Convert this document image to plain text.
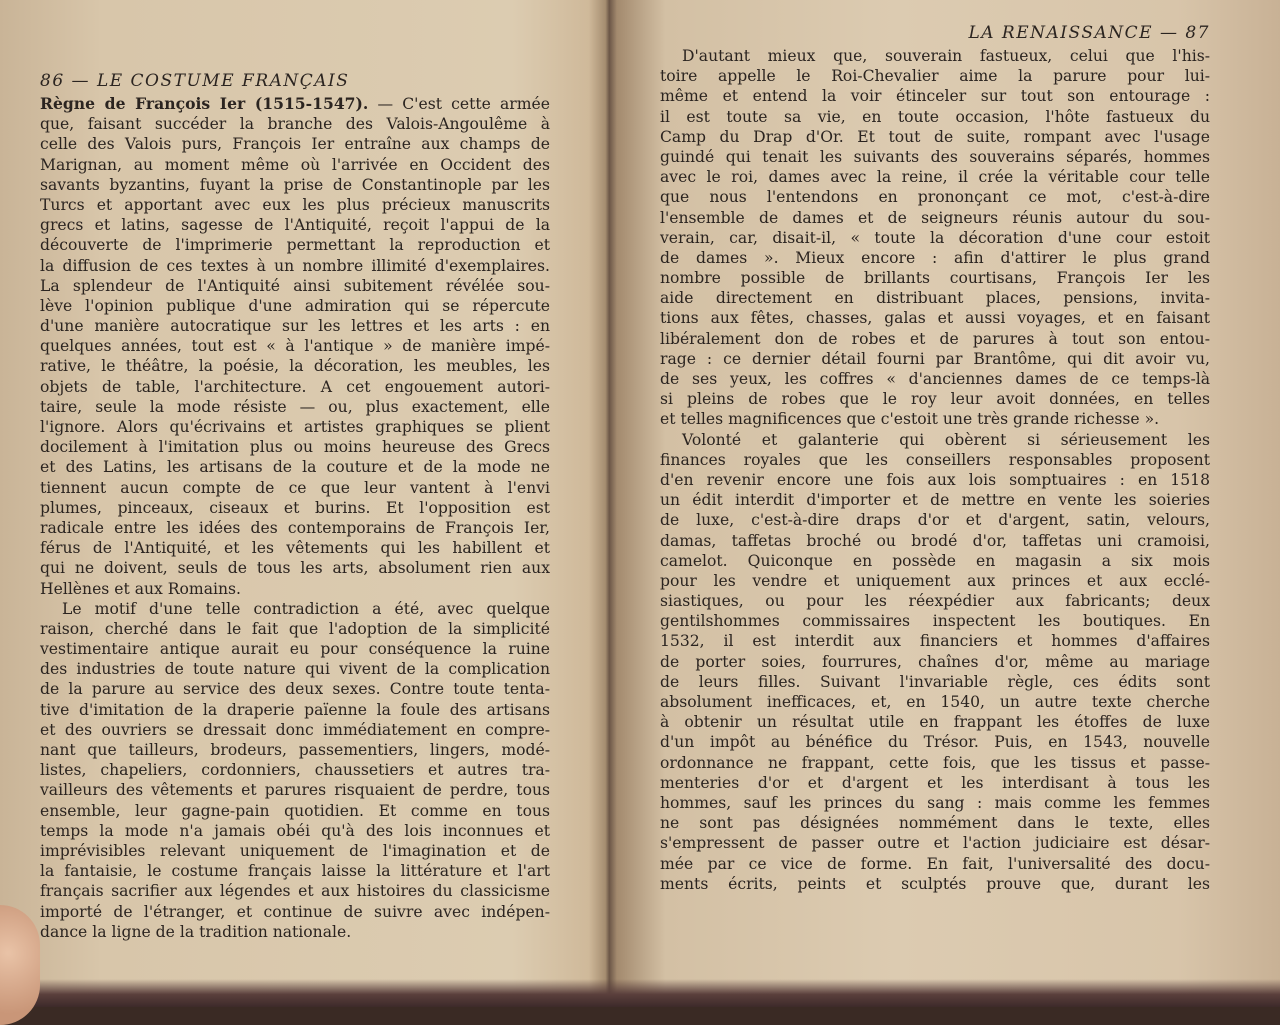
86 — LE COSTUME FRANÇAIS
Règne de François Ier (1515-1547). — C'est cette armée
que, faisant succéder la branche des Valois-Angoulême à
celle des Valois purs, François Ier entraîne aux champs de
Marignan, au moment même où l'arrivée en Occident des
savants byzantins, fuyant la prise de Constantinople par les
Turcs et apportant avec eux les plus précieux manuscrits
grecs et latins, sagesse de l'Antiquité, reçoit l'appui de la
découverte de l'imprimerie permettant la reproduction et
la diffusion de ces textes à un nombre illimité d'exemplaires.
La splendeur de l'Antiquité ainsi subitement révélée sou-
lève l'opinion publique d'une admiration qui se répercute
d'une manière autocratique sur les lettres et les arts : en
quelques années, tout est « à l'antique » de manière impé-
rative, le théâtre, la poésie, la décoration, les meubles, les
objets de table, l'architecture. A cet engouement autori-
taire, seule la mode résiste — ou, plus exactement, elle
l'ignore. Alors qu'écrivains et artistes graphiques se plient
docilement à l'imitation plus ou moins heureuse des Grecs
et des Latins, les artisans de la couture et de la mode ne
tiennent aucun compte de ce que leur vantent à l'envi
plumes, pinceaux, ciseaux et burins. Et l'opposition est
radicale entre les idées des contemporains de François Ier,
férus de l'Antiquité, et les vêtements qui les habillent et
qui ne doivent, seuls de tous les arts, absolument rien aux
Hellènes et aux Romains.
Le motif d'une telle contradiction a été, avec quelque
raison, cherché dans le fait que l'adoption de la simplicité
vestimentaire antique aurait eu pour conséquence la ruine
des industries de toute nature qui vivent de la complication
de la parure au service des deux sexes. Contre toute tenta-
tive d'imitation de la draperie païenne la foule des artisans
et des ouvriers se dressait donc immédiatement en compre-
nant que tailleurs, brodeurs, passementiers, lingers, modé-
listes, chapeliers, cordonniers, chaussetiers et autres tra-
vailleurs des vêtements et parures risquaient de perdre, tous
ensemble, leur gagne-pain quotidien. Et comme en tous
temps la mode n'a jamais obéi qu'à des lois inconnues et
imprévisibles relevant uniquement de l'imagination et de
la fantaisie, le costume français laisse la littérature et l'art
français sacrifier aux légendes et aux histoires du classicisme
importé de l'étranger, et continue de suivre avec indépen-
dance la ligne de la tradition nationale.
LA RENAISSANCE — 87
D'autant mieux que, souverain fastueux, celui que l'his-
toire appelle le Roi-Chevalier aime la parure pour lui-
même et entend la voir étinceler sur tout son entourage :
il est toute sa vie, en toute occasion, l'hôte fastueux du
Camp du Drap d'Or. Et tout de suite, rompant avec l'usage
guindé qui tenait les suivants des souverains séparés, hommes
avec le roi, dames avec la reine, il crée la véritable cour telle
que nous l'entendons en prononçant ce mot, c'est-à-dire
l'ensemble de dames et de seigneurs réunis autour du sou-
verain, car, disait-il, « toute la décoration d'une cour estoit
de dames ». Mieux encore : afin d'attirer le plus grand
nombre possible de brillants courtisans, François Ier les
aide directement en distribuant places, pensions, invita-
tions aux fêtes, chasses, galas et aussi voyages, et en faisant
libéralement don de robes et de parures à tout son entou-
rage : ce dernier détail fourni par Brantôme, qui dit avoir vu,
de ses yeux, les coffres « d'anciennes dames de ce temps-là
si pleins de robes que le roy leur avoit données, en telles
et telles magnificences que c'estoit une très grande richesse ».
Volonté et galanterie qui obèrent si sérieusement les
finances royales que les conseillers responsables proposent
d'en revenir encore une fois aux lois somptuaires : en 1518
un édit interdit d'importer et de mettre en vente les soieries
de luxe, c'est-à-dire draps d'or et d'argent, satin, velours,
damas, taffetas broché ou brodé d'or, taffetas uni cramoisi,
camelot. Quiconque en possède en magasin a six mois
pour les vendre et uniquement aux princes et aux ecclé-
siastiques, ou pour les réexpédier aux fabricants; deux
gentilshommes commissaires inspectent les boutiques. En
1532, il est interdit aux financiers et hommes d'affaires
de porter soies, fourrures, chaînes d'or, même au mariage
de leurs filles. Suivant l'invariable règle, ces édits sont
absolument inefficaces, et, en 1540, un autre texte cherche
à obtenir un résultat utile en frappant les étoffes de luxe
d'un impôt au bénéfice du Trésor. Puis, en 1543, nouvelle
ordonnance ne frappant, cette fois, que les tissus et passe-
menteries d'or et d'argent et les interdisant à tous les
hommes, sauf les princes du sang : mais comme les femmes
ne sont pas désignées nommément dans le texte, elles
s'empressent de passer outre et l'action judiciaire est désar-
mée par ce vice de forme. En fait, l'universalité des docu-
ments écrits, peints et sculptés prouve que, durant les
